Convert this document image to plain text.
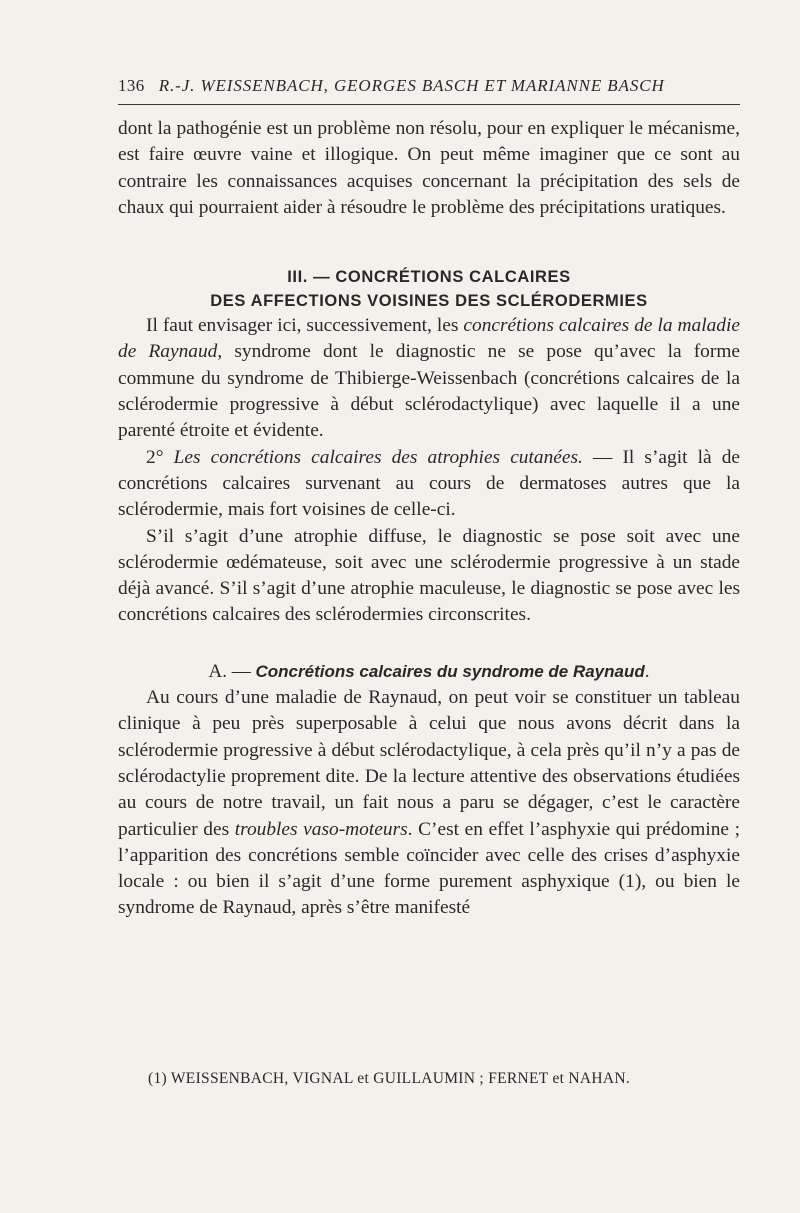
136 R.-J. WEISSENBACH, GEORGES BASCH ET MARIANNE BASCH

dont la pathogénie est un problème non résolu, pour en expliquer le mécanisme, est faire œuvre vaine et illogique. On peut même imaginer que ce sont au contraire les connaissances acquises concernant la précipitation des sels de chaux qui pourraient aider à résoudre le problème des précipitations uratiques.

III. — CONCRÉTIONS CALCAIRES
DES AFFECTIONS VOISINES DES SCLÉRODERMIES

Il faut envisager ici, successivement, les concrétions calcaires de la maladie de Raynaud, syndrome dont le diagnostic ne se pose qu’avec la forme commune du syndrome de Thibierge-Weissenbach (concrétions calcaires de la sclérodermie progressive à début sclérodactylique) avec laquelle il a une parenté étroite et évidente.

2° Les concrétions calcaires des atrophies cutanées. — Il s’agit là de concrétions calcaires survenant au cours de dermatoses autres que la sclérodermie, mais fort voisines de celle-ci.

S’il s’agit d’une atrophie diffuse, le diagnostic se pose soit avec une sclérodermie œdémateuse, soit avec une sclérodermie progressive à un stade déjà avancé. S’il s’agit d’une atrophie maculeuse, le diagnostic se pose avec les concrétions calcaires des sclérodermies circonscrites.

A. — Concrétions calcaires du syndrome de Raynaud.

Au cours d’une maladie de Raynaud, on peut voir se constituer un tableau clinique à peu près superposable à celui que nous avons décrit dans la sclérodermie progressive à début sclérodactylique, à cela près qu’il n’y a pas de sclérodactylie proprement dite. De la lecture attentive des observations étudiées au cours de notre travail, un fait nous a paru se dégager, c’est le caractère particulier des troubles vaso-moteurs. C’est en effet l’asphyxie qui prédomine ; l’apparition des concrétions semble coïncider avec celle des crises d’asphyxie locale : ou bien il s’agit d’une forme purement asphyxique (1), ou bien le syndrome de Raynaud, après s’être manifesté

(1) WEISSENBACH, VIGNAL et GUILLAUMIN ; FERNET et NAHAN.
